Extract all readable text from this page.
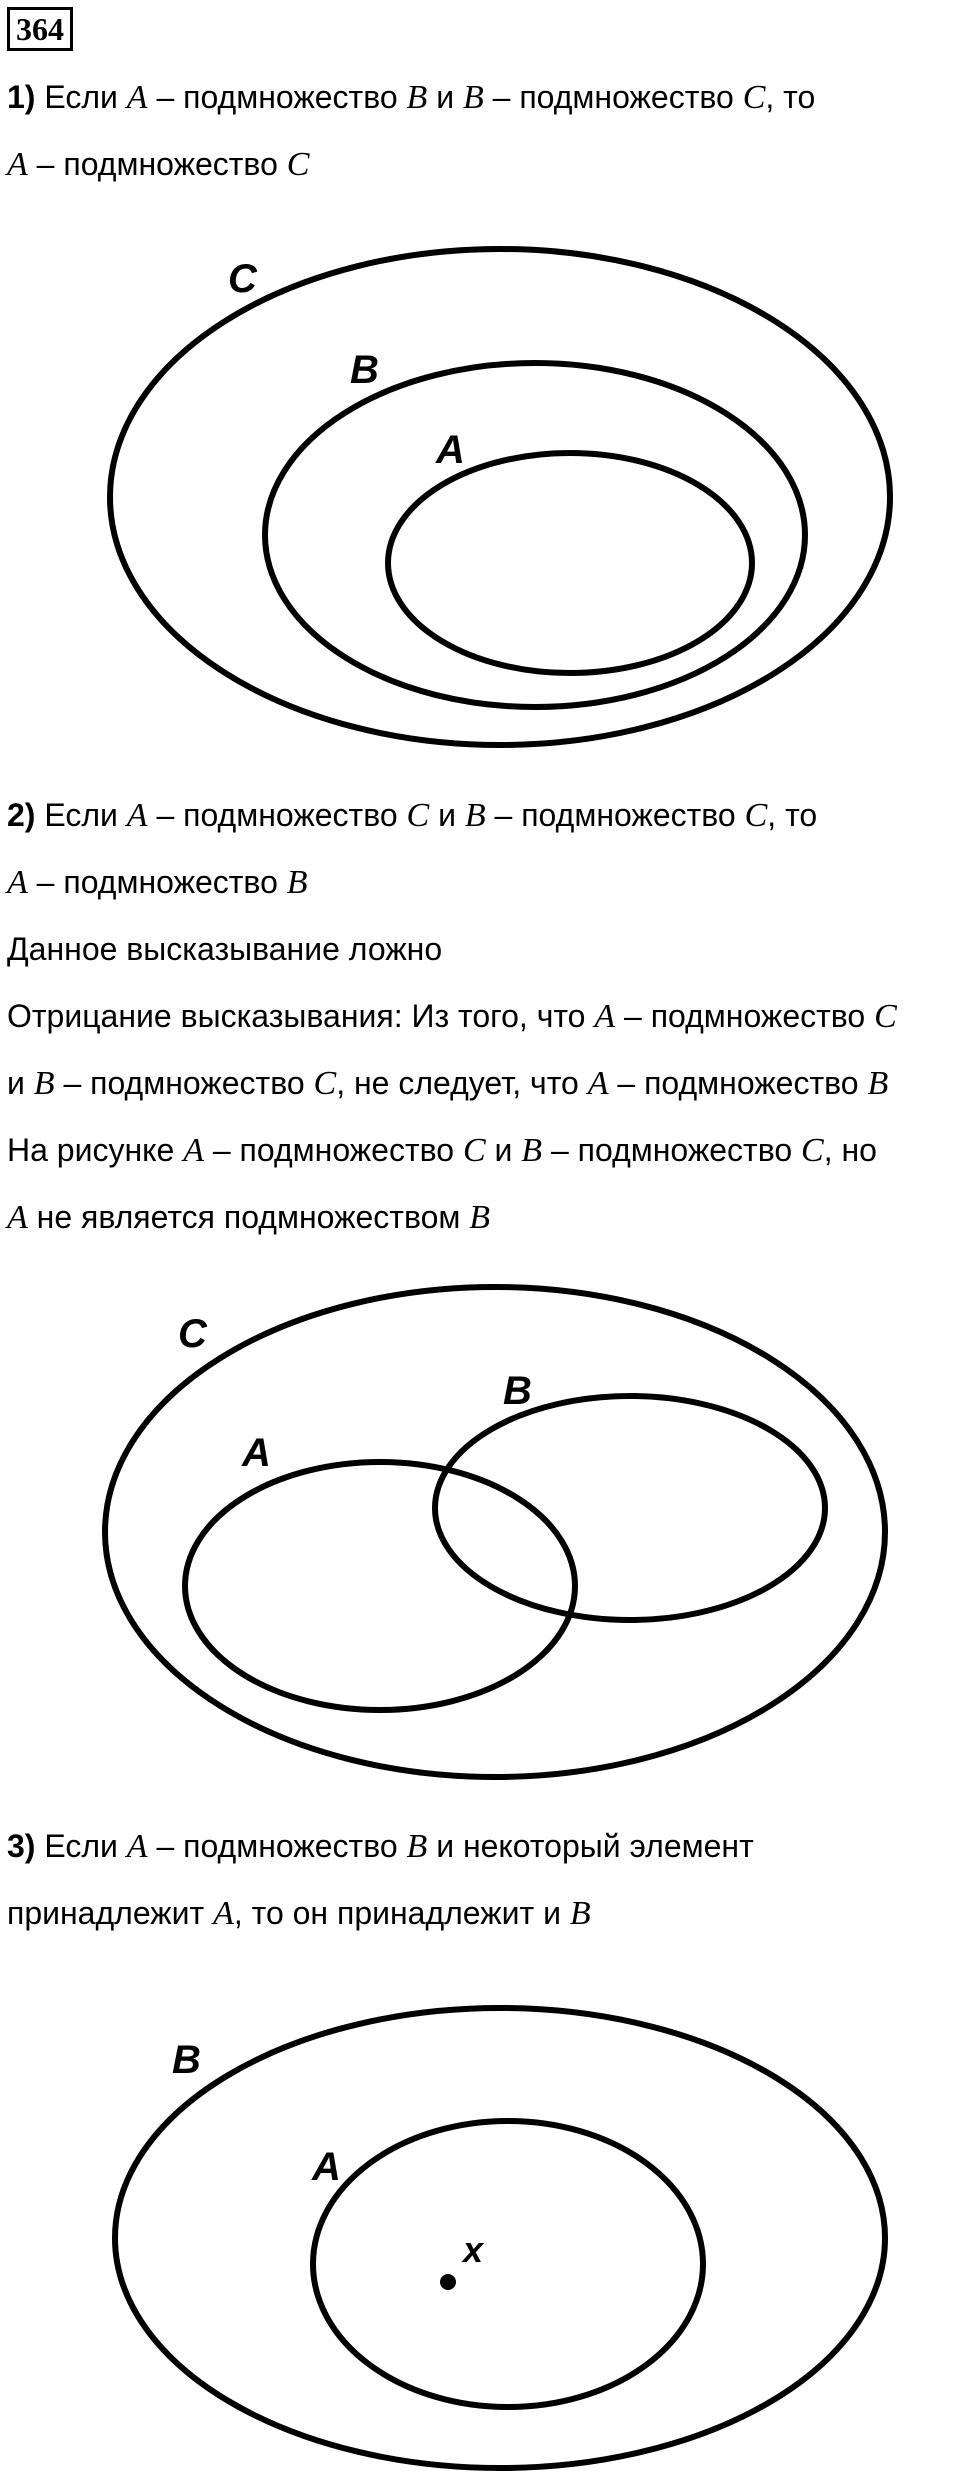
364
1) Если A – подмножество B и B – подмножество C, то
A – подмножество C
C
B
A
2) Если A – подмножество C и B – подмножество C, то
A – подмножество B
Данное высказывание ложно
Отрицание высказывания: Из того, что A – подмножество C
и B – подмножество C, не следует, что A – подмножество B
На рисунке A – подмножество C и B – подмножество C, но
A не является подмножеством B
C
A
B
3) Если A – подмножество B и некоторый элемент
принадлежит A, то он принадлежит и B
B
A
x
